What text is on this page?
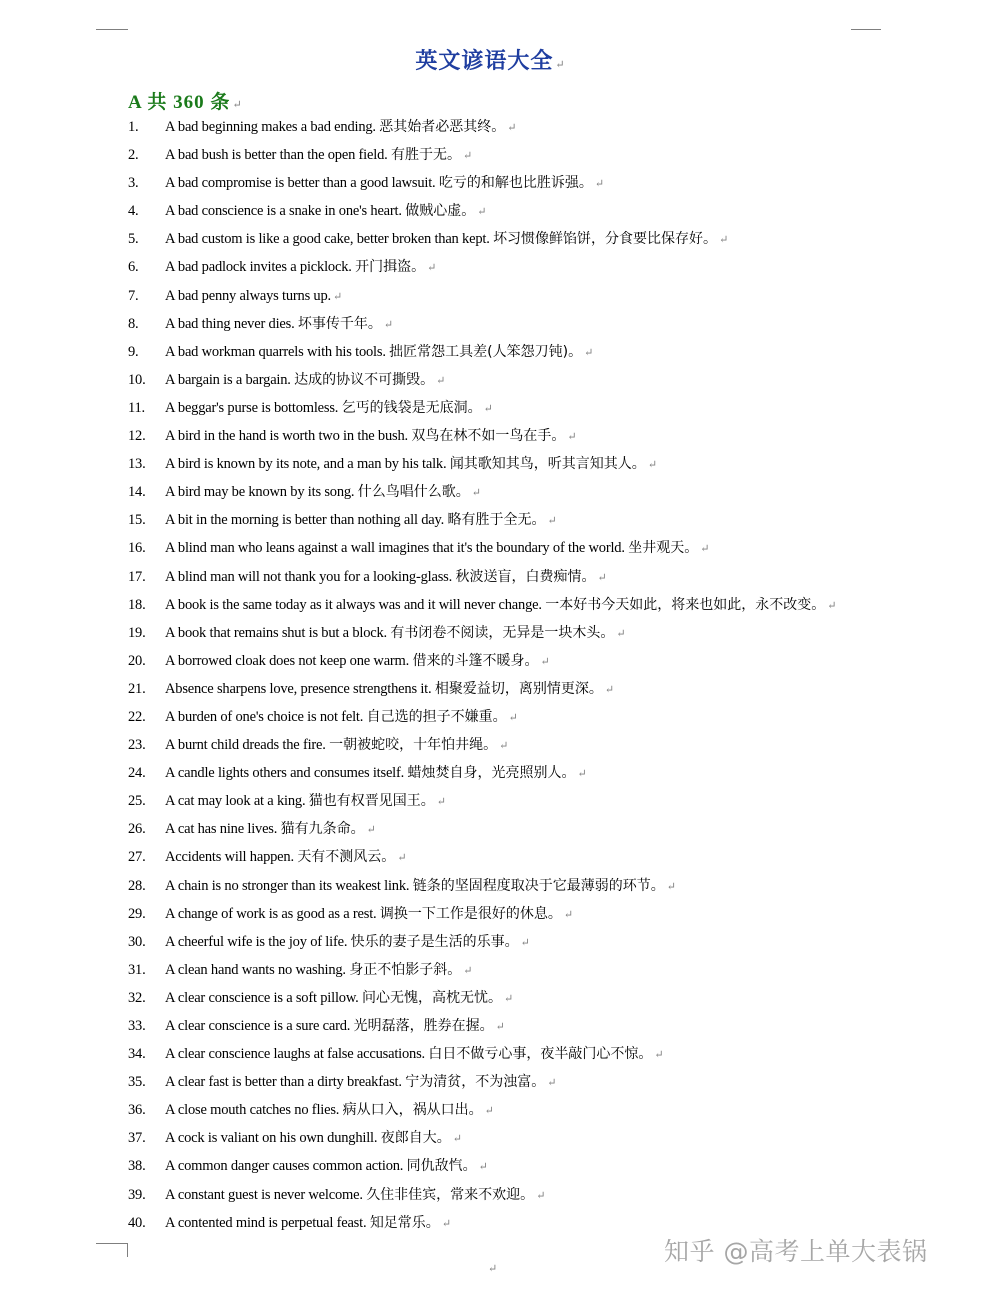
英文谚语大全 ↵
A 共 360 条 ↵
1.	A bad beginning makes a bad ending. 恶其始者必恶其终。 ↵
2.	A bad bush is better than the open field. 有胜于无。 ↵
3.	A bad compromise is better than a good lawsuit. 吃亏的和解也比胜诉强。 ↵
4.	A bad conscience is a snake in one's heart. 做贼心虚。 ↵
5.	A bad custom is like a good cake, better broken than kept. 坏习惯像鲜馅饼，分食要比保存好。 ↵
6.	A bad padlock invites a picklock. 开门揖盗。 ↵
7.	A bad penny always turns up. ↵
8.	A bad thing never dies. 坏事传千年。 ↵
9.	A bad workman quarrels with his tools. 拙匠常怨工具差(人笨怨刀钝)。 ↵
10.	A bargain is a bargain. 达成的协议不可撕毁。 ↵
11.	A beggar's purse is bottomless. 乞丐的钱袋是无底洞。 ↵
12.	A bird in the hand is worth two in the bush. 双鸟在林不如一鸟在手。 ↵
13.	A bird is known by its note, and a man by his talk. 闻其歌知其鸟，听其言知其人。 ↵
14.	A bird may be known by its song. 什么鸟唱什么歌。 ↵
15.	A bit in the morning is better than nothing all day. 略有胜于全无。 ↵
16.	A blind man who leans against a wall imagines that it's the boundary of the world. 坐井观天。 ↵
17.	A blind man will not thank you for a looking-glass. 秋波送盲，白费痴情。 ↵
18.	A book is the same today as it always was and it will never change. 一本好书今天如此，将来也如此，永不改变。 ↵
19.	A book that remains shut is but a block. 有书闭卷不阅读，无异是一块木头。 ↵
20.	A borrowed cloak does not keep one warm. 借来的斗篷不暖身。 ↵
21.	Absence sharpens love, presence strengthens it. 相聚爱益切，离别情更深。 ↵
22.	A burden of one's choice is not felt. 自己选的担子不嫌重。 ↵
23.	A burnt child dreads the fire. 一朝被蛇咬，十年怕井绳。 ↵
24.	A candle lights others and consumes itself. 蜡烛焚自身，光亮照别人。 ↵
25.	A cat may look at a king. 猫也有权晋见国王。 ↵
26.	A cat has nine lives. 猫有九条命。 ↵
27.	Accidents will happen. 天有不测风云。 ↵
28.	A chain is no stronger than its weakest link. 链条的坚固程度取决于它最薄弱的环节。 ↵
29.	A change of work is as good as a rest. 调换一下工作是很好的休息。 ↵
30.	A cheerful wife is the joy of life. 快乐的妻子是生活的乐事。 ↵
31.	A clean hand wants no washing. 身正不怕影子斜。 ↵
32.	A clear conscience is a soft pillow. 问心无愧，高枕无忧。 ↵
33.	A clear conscience is a sure card. 光明磊落，胜券在握。 ↵
34.	A clear conscience laughs at false accusations. 白日不做亏心事，夜半敲门心不惊。 ↵
35.	A clear fast is better than a dirty breakfast. 宁为清贫，不为浊富。 ↵
36.	A close mouth catches no flies. 病从口入，祸从口出。 ↵
37.	A cock is valiant on his own dunghill. 夜郎自大。 ↵
38.	A common danger causes common action. 同仇敌忾。 ↵
39.	A constant guest is never welcome. 久住非佳宾，常来不欢迎。 ↵
40.	A contented mind is perpetual feast. 知足常乐。 ↵
↵
知乎 @高考上单大表锅
